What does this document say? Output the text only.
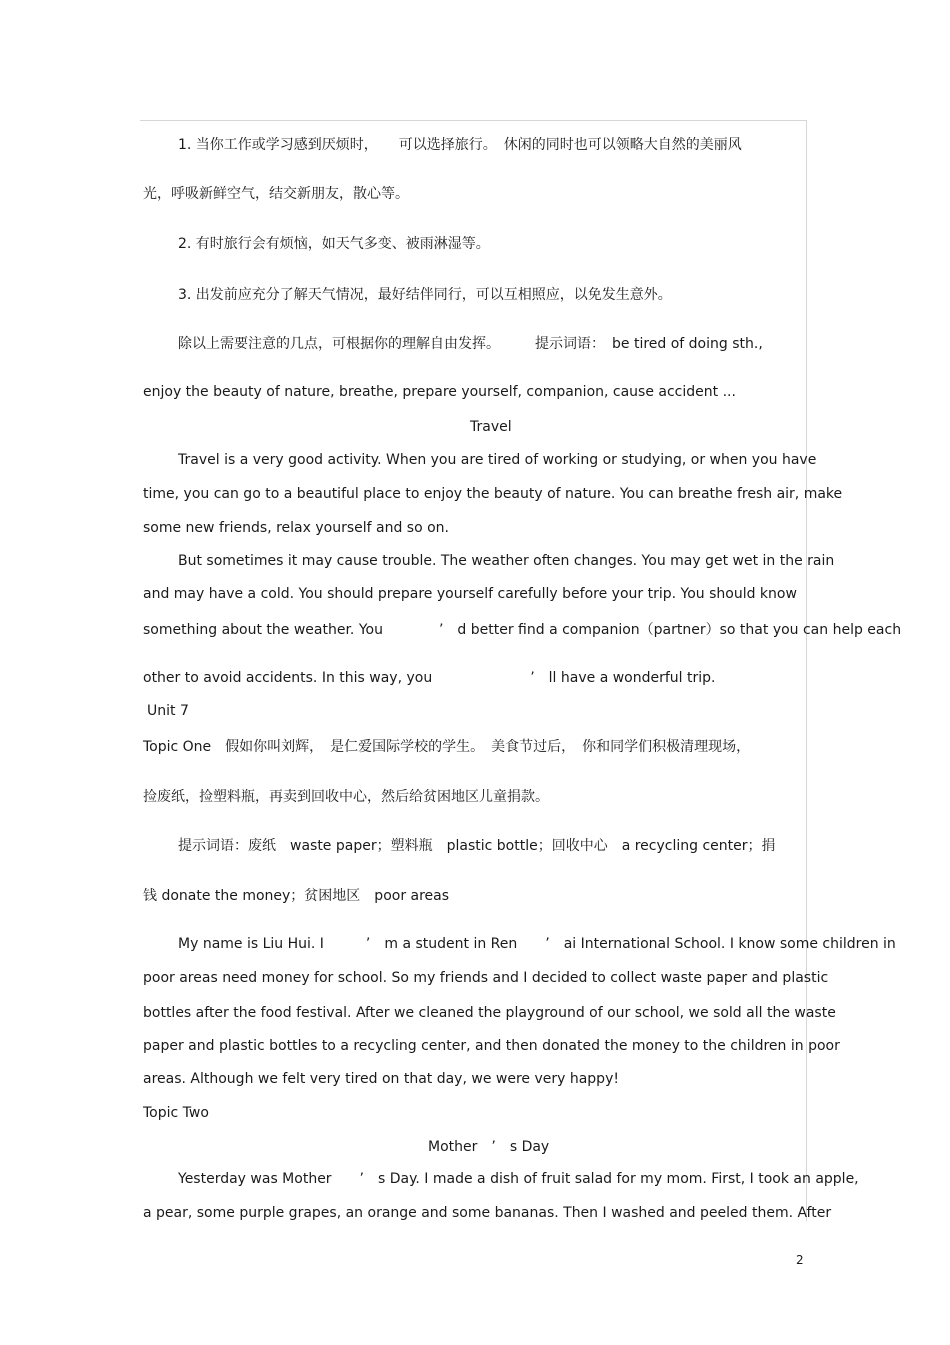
1. 当你工作或学习感到厌烦时，　　可以选择旅行。　休闲的同时也可以领略大自然的美丽风
光，呼吸新鲜空气，结交新朋友，散心等。
2. 有时旅行会有烦恼，如天气多变、被雨淋湿等。
3. 出发前应充分了解天气情况，最好结伴同行，可以互相照应，以免发生意外。
除以上需要注意的几点，可根据你的理解自由发挥。　　　提示词语：　be tired of doing sth.,
enjoy the beauty of nature, breathe, prepare yourself, companion, cause accident ...
Travel
Travel is a very good activity. When you are tired of working or studying, or when you have
time, you can go to a beautiful place to enjoy the beauty of nature. You can breathe fresh air, make
some new friends, relax yourself and so on.
But sometimes it may cause trouble. The weather often changes. You may get wet in the rain
and may have a cold. You should prepare yourself carefully before your trip. You should know
something about the weather. You　　　　’　d better find a companion（partner）so that you can help each
other to avoid accidents. In this way, you　　　　　　　’　ll have a wonderful trip.
Unit 7
Topic One　假如你叫刘辉，　是仁爱国际学校的学生。　美食节过后，　你和同学们积极清理现场，
捡废纸，捡塑料瓶，再卖到回收中心，然后给贫困地区儿童捐款。
提示词语：废纸　waste paper；塑料瓶　plastic bottle；回收中心　a recycling center；捐
钱 donate the money；贫困地区　poor areas
My name is Liu Hui. I　　　’　m a student in Ren　　’　ai International School. I know some children in
poor areas need money for school. So my friends and I decided to collect waste paper and plastic
bottles after the food festival. After we cleaned the playground of our school, we sold all the waste
paper and plastic bottles to a recycling center, and then donated the money to the children in poor
areas. Although we felt very tired on that day, we were very happy!
Topic Two
Mother　’　s Day
Yesterday was Mother　　’　s Day. I made a dish of fruit salad for my mom. First, I took an apple,
a pear, some purple grapes, an orange and some bananas. Then I washed and peeled them. After
2
